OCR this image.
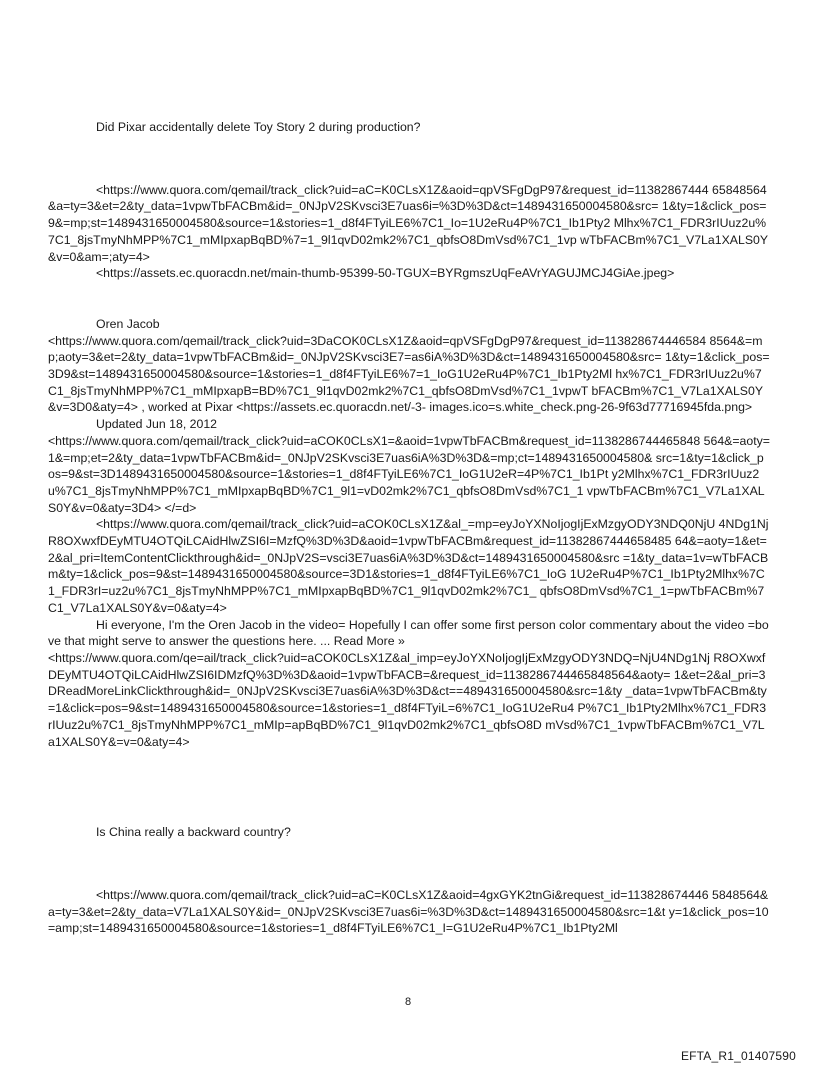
Did Pixar accidentally delete Toy Story 2 during production?

<https://www.quora.com/qemail/track_click?uid=aC=K0CLsX1Z&aoid=qpVSFgDgP97&request_id=11382867444 65848564&a=ty=3&et=2&ty_data=1vpwTbFACBm&id=_0NJpV2SKvsci3E7uas6i=%3D%3D&ct=1489431650004580&src= 1&ty=1&click_pos=9&=mp;st=1489431650004580&source=1&stories=1_d8f4FTyiLE6%7C1_Io=1U2eRu4P%7C1_Ib1Pty2 Mlhx%7C1_FDR3rIUuz2u%7C1_8jsTmyNhMPP%7C1_mMIpxapBqBD%7=1_9l1qvD02mk2%7C1_qbfsO8DmVsd%7C1_1vp wTbFACBm%7C1_V7La1XALS0Y&v=0&am=;aty=4>

<https://assets.ec.quoracdn.net/main-thumb-95399-50-TGUX=BYRgmszUqFeAVrYAGUJMCJ4GiAe.jpeg>

Oren Jacob

<https://www.quora.com/qemail/track_click?uid=3DaCOK0CLsX1Z&aoid=qpVSFgDgP97&request_id=113828674446584 8564&=mp;aoty=3&et=2&ty_data=1vpwTbFACBm&id=_0NJpV2SKvsci3E7=as6iA%3D%3D&ct=1489431650004580&src= 1&ty=1&click_pos=3D9&st=1489431650004580&source=1&stories=1_d8f4FTyiLE6%7=1_IoG1U2eRu4P%7C1_Ib1Pty2Ml hx%7C1_FDR3rIUuz2u%7C1_8jsTmyNhMPP%7C1_mMIpxapB=BD%7C1_9l1qvD02mk2%7C1_qbfsO8DmVsd%7C1_1vpwT bFACBm%7C1_V7La1XALS0Y&v=3D0&aty=4> , worked at Pixar <https://assets.ec.quoracdn.net/-3- images.ico=s.white_check.png-26-9f63d77716945fda.png>

Updated Jun 18, 2012

<https://www.quora.com/qemail/track_click?uid=aCOK0CLsX1=&aoid=1vpwTbFACBm&request_id=1138286744465848 564&=aoty=1&=mp;et=2&ty_data=1vpwTbFACBm&id=_0NJpV2SKvsci3E7uas6iA%3D%3D&=mp;ct=1489431650004580& src=1&ty=1&click_pos=9&st=3D1489431650004580&source=1&stories=1_d8f4FTyiLE6%7C1_IoG1U2eR=4P%7C1_Ib1Pt y2Mlhx%7C1_FDR3rIUuz2u%7C1_8jsTmyNhMPP%7C1_mMIpxapBqBD%7C1_9l1=vD02mk2%7C1_qbfsO8DmVsd%7C1_1 vpwTbFACBm%7C1_V7La1XALS0Y&v=0&aty=3D4> </=d>

<https://www.quora.com/qemail/track_click?uid=aCOK0CLsX1Z&al_=mp=eyJoYXNoIjogIjExMzgyODY3NDQ0NjU 4NDg1NjR8OXwxfDEyMTU4OTQiLCAidHlwZSI6I=MzfQ%3D%3D&aoid=1vpwTbFACBm&request_id=11382867444658485 64&=aoty=1&et=2&al_pri=ItemContentClickthrough&id=_0NJpV2S=vsci3E7uas6iA%3D%3D&ct=1489431650004580&src =1&ty_data=1v=wTbFACBm&ty=1&click_pos=9&st=1489431650004580&source=3D1&stories=1_d8f4FTyiLE6%7C1_IoG 1U2eRu4P%7C1_Ib1Pty2Mlhx%7C1_FDR3rI=uz2u%7C1_8jsTmyNhMPP%7C1_mMIpxapBqBD%7C1_9l1qvD02mk2%7C1_ qbfsO8DmVsd%7C1_1=pwTbFACBm%7C1_V7La1XALS0Y&v=0&aty=4>

Hi everyone, I'm the Oren Jacob in the video= Hopefully I can offer some first person color commentary about the video =bove that might serve to answer the questions here. ... Read More »

<https://www.quora.com/qe=ail/track_click?uid=aCOK0CLsX1Z&al_imp=eyJoYXNoIjogIjExMzgyODY3NDQ=NjU4NDg1Nj R8OXwxfDEyMTU4OTQiLCAidHlwZSI6IDMzfQ%3D%3D&aoid=1vpwTbFACB=&request_id=1138286744465848564&aoty= 1&et=2&al_pri=3DReadMoreLinkClickthrough&id=_0NJpV2SKvsci3E7uas6iA%3D%3D&ct==489431650004580&src=1&ty _data=1vpwTbFACBm&ty=1&click=pos=9&st=1489431650004580&source=1&stories=1_d8f4FTyiL=6%7C1_IoG1U2eRu4 P%7C1_Ib1Pty2Mlhx%7C1_FDR3rIUuz2u%7C1_8jsTmyNhMPP%7C1_mMIp=apBqBD%7C1_9l1qvD02mk2%7C1_qbfsO8D mVsd%7C1_1vpwTbFACBm%7C1_V7La1XALS0Y&=v=0&aty=4>

Is China really a backward country?

<https://www.quora.com/qemail/track_click?uid=aC=K0CLsX1Z&aoid=4gxGYK2tnGi&request_id=113828674446 5848564&a=ty=3&et=2&ty_data=V7La1XALS0Y&id=_0NJpV2SKvsci3E7uas6i=%3D%3D&ct=1489431650004580&src=1&t y=1&click_pos=10=amp;st=1489431650004580&source=1&stories=1_d8f4FTyiLE6%7C1_I=G1U2eRu4P%7C1_Ib1Pty2Ml

8
EFTA_R1_01407590
